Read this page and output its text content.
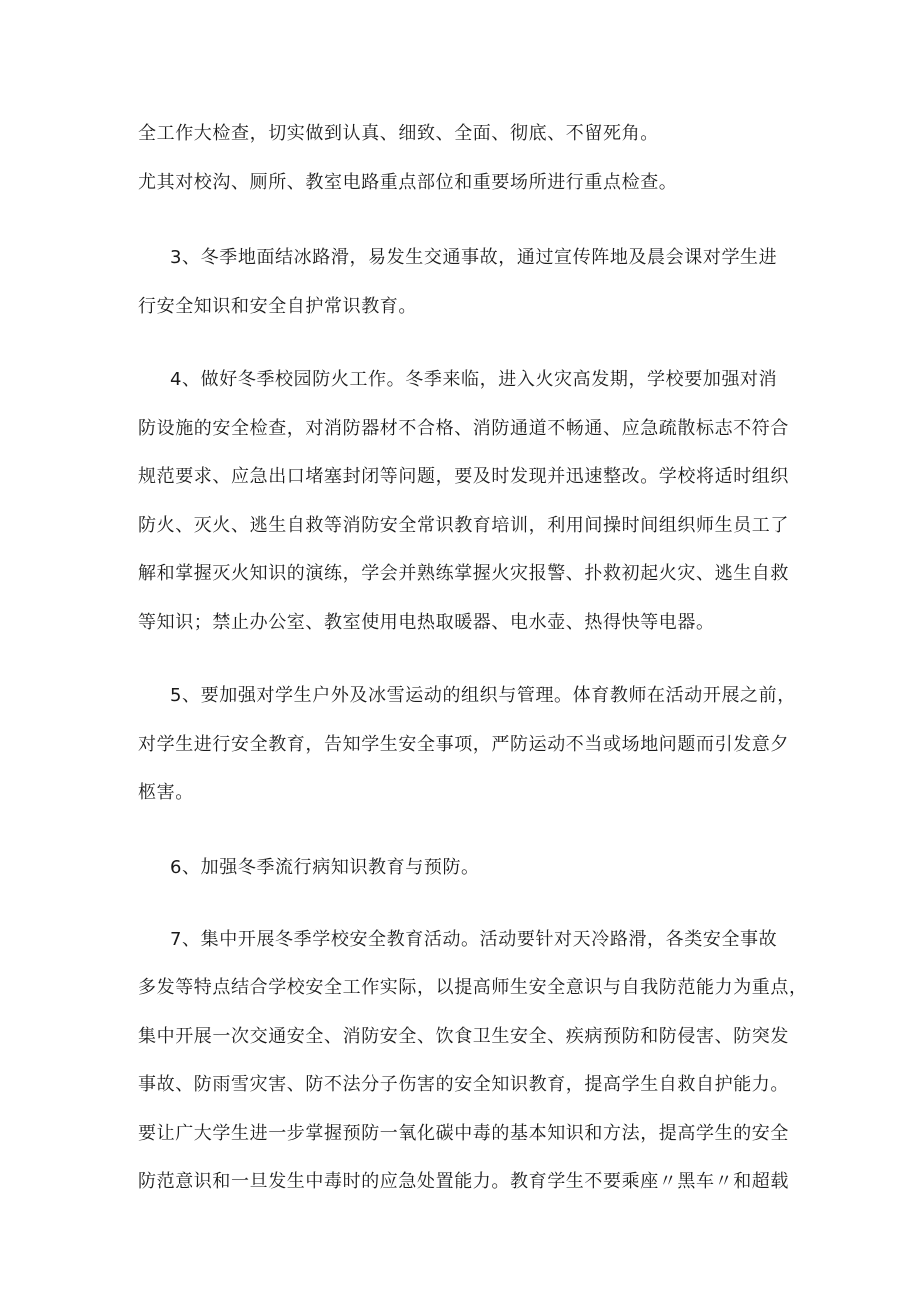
全工作大检查，切实做到认真、细致、全面、彻底、不留死角。
尤其对校沟、厕所、教室电路重点部位和重要场所进行重点检查。
3、冬季地面结冰路滑，易发生交通事故，通过宣传阵地及晨会课对学生进
行安全知识和安全自护常识教育。
4、做好冬季校园防火工作。冬季来临，进入火灾高发期，学校要加强对消
防设施的安全检查，对消防器材不合格、消防通道不畅通、应急疏散标志不符合
规范要求、应急出口堵塞封闭等问题，要及时发现并迅速整改。学校将适时组织
防火、灭火、逃生自救等消防安全常识教育培训，利用间操时间组织师生员工了
解和掌握灭火知识的演练，学会并熟练掌握火灾报警、扑救初起火灾、逃生自救
等知识；禁止办公室、教室使用电热取暖器、电水壶、热得快等电器。
5、要加强对学生户外及冰雪运动的组织与管理。体育教师在活动开展之前，
对学生进行安全教育，告知学生安全事项，严防运动不当或场地问题而引发意夕
柩害。
6、加强冬季流行病知识教育与预防。
7、集中开展冬季学校安全教育活动。活动要针对天冷路滑，各类安全事故
多发等特点结合学校安全工作实际，以提高师生安全意识与自我防范能力为重点，
集中开展一次交通安全、消防安全、饮食卫生安全、疾病预防和防侵害、防突发
事故、防雨雪灾害、防不法分子伤害的安全知识教育，提高学生自救自护能力。
要让广大学生进一步掌握预防一氧化碳中毒的基本知识和方法，提高学生的安全
防范意识和一旦发生中毒时的应急处置能力。教育学生不要乘座〃黑车〃和超载
